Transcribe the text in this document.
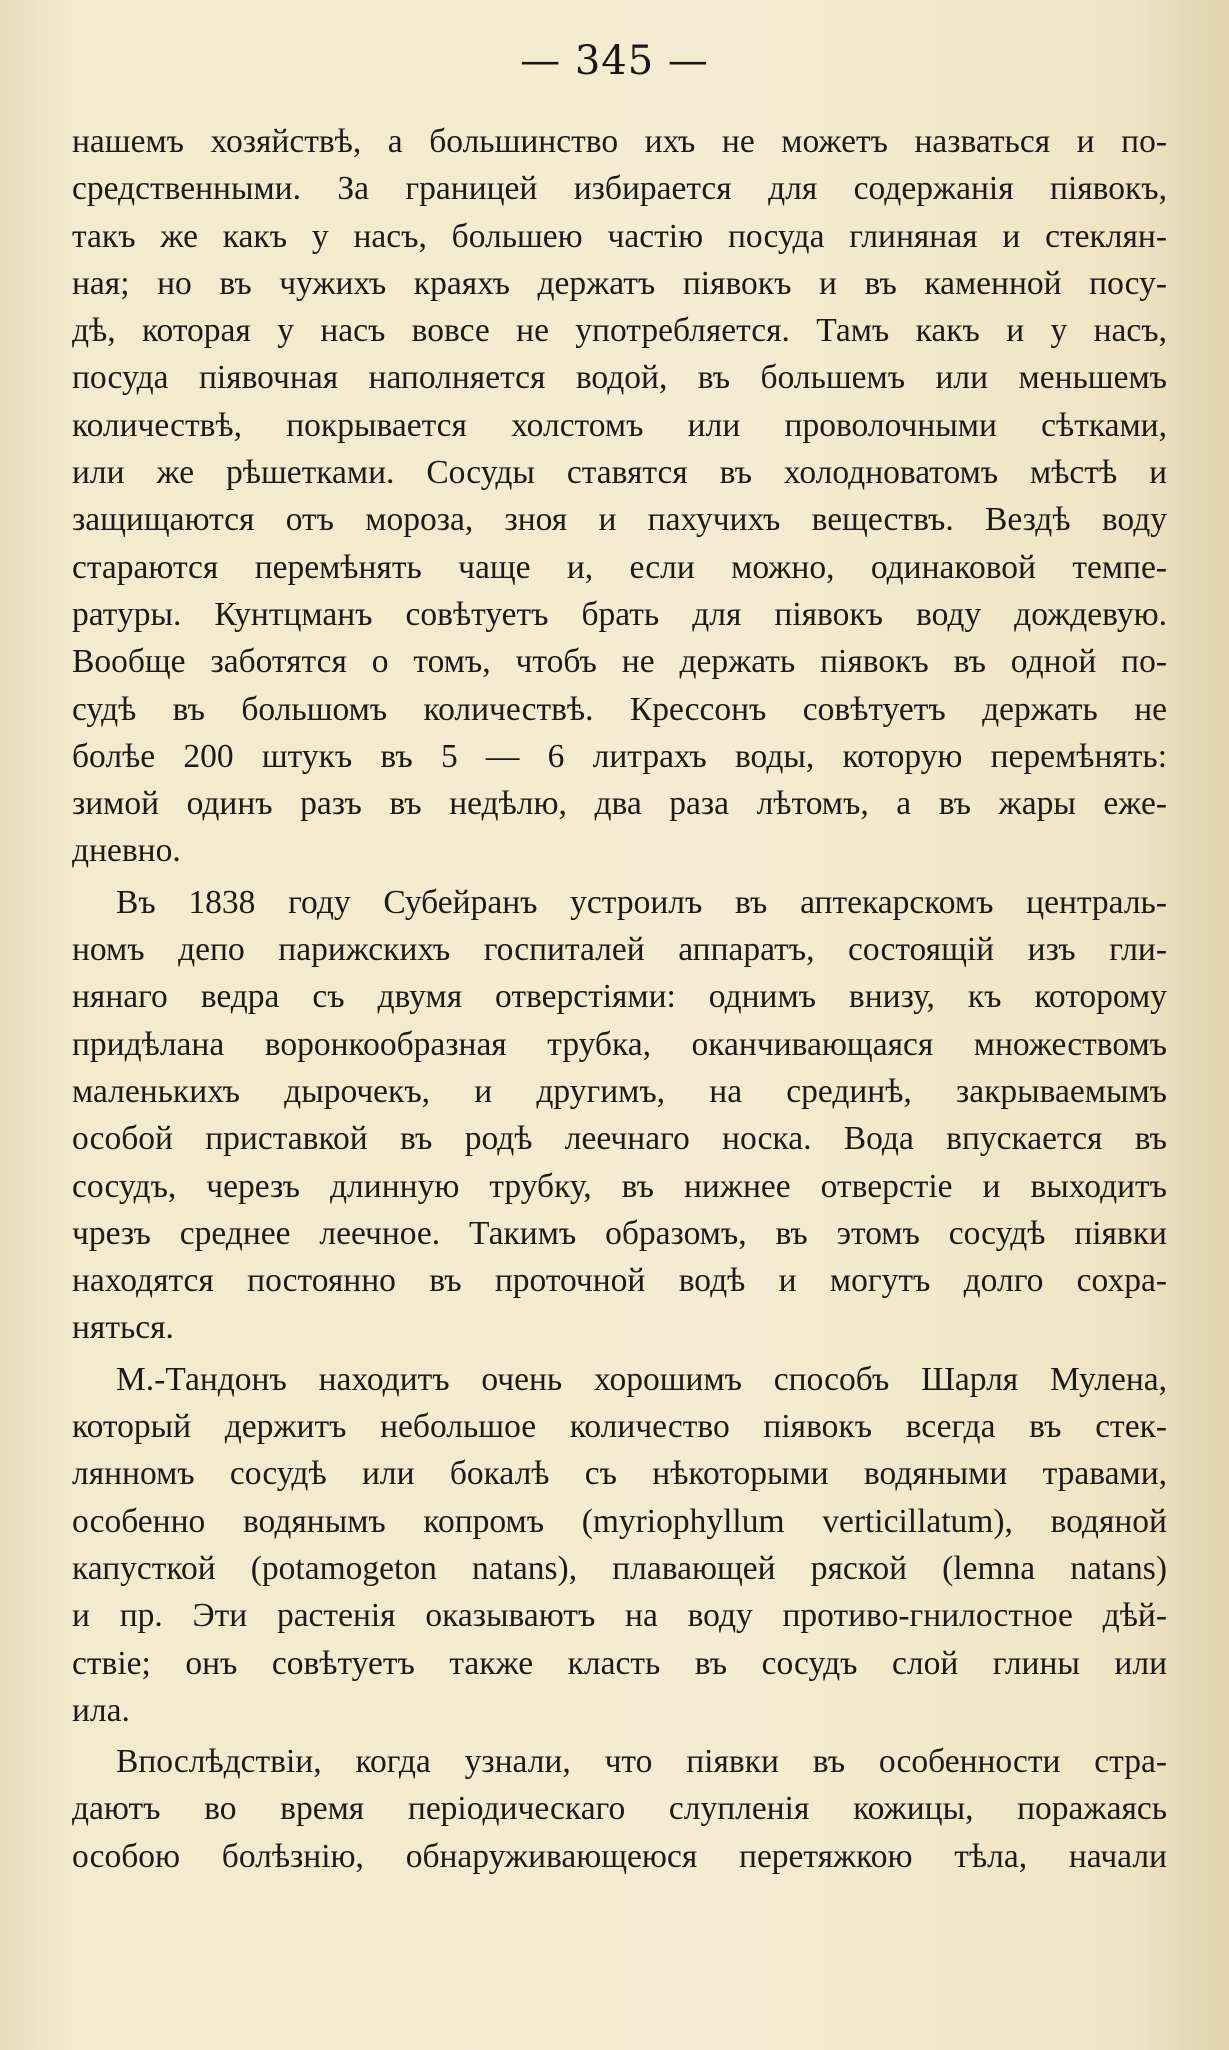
— 345 —
нашемъ хозяйствѣ, а большинство ихъ не можетъ назваться и по-
средственными. За границей избирается для содержанія піявокъ,
такъ же какъ у насъ, большею частію посуда глиняная и стеклян-
ная; но въ чужихъ краяхъ держатъ піявокъ и въ каменной посу-
дѣ, которая у насъ вовсе не употребляется. Тамъ какъ и у насъ,
посуда піявочная наполняется водой, въ большемъ или меньшемъ
количествѣ, покрывается холстомъ или проволочными сѣтками,
или же рѣшетками. Сосуды ставятся въ холодноватомъ мѣстѣ и
защищаются отъ мороза, зноя и пахучихъ веществъ. Вездѣ воду
стараются перемѣнять чаще и, если можно, одинаковой темпе-
ратуры. Кунтцманъ совѣтуетъ брать для піявокъ воду дождевую.
Вообще заботятся о томъ, чтобъ не держать піявокъ въ одной по-
судѣ въ большомъ количествѣ. Крессонъ совѣтуетъ держать не
болѣе 200 штукъ въ 5 — 6 литрахъ воды, которую перемѣнять:
зимой одинъ разъ въ недѣлю, два раза лѣтомъ, а въ жары еже-
дневно.
Въ 1838 году Субейранъ устроилъ въ аптекарскомъ централь-
номъ депо парижскихъ госпиталей аппаратъ, состоящій изъ гли-
нянаго ведра съ двумя отверстіями: однимъ внизу, къ которому
придѣлана воронкообразная трубка, оканчивающаяся множествомъ
маленькихъ дырочекъ, и другимъ, на срединѣ, закрываемымъ
особой приставкой въ родѣ леечнаго носка. Вода впускается въ
сосудъ, черезъ длинную трубку, въ нижнее отверстіе и выходитъ
чрезъ среднее леечное. Такимъ образомъ, въ этомъ сосудѣ піявки
находятся постоянно въ проточной водѣ и могутъ долго сохра-
няться.
М.-Тандонъ находитъ очень хорошимъ способъ Шарля Мулена,
который держитъ небольшое количество піявокъ всегда въ стек-
лянномъ сосудѣ или бокалѣ съ нѣкоторыми водяными травами,
особенно водянымъ копромъ (myriophyllum verticillatum), водяной
капусткой (potamogeton natans), плавающей ряской (lemna natans)
и пр. Эти растенія оказываютъ на воду противо-гнилостное дѣй-
ствіе; онъ совѣтуетъ также класть въ сосудъ слой глины или
ила.
Впослѣдствіи, когда узнали, что піявки въ особенности стра-
даютъ во время періодическаго слупленія кожицы, поражаясь
особою болѣзнію, обнаруживающеюся перетяжкою тѣла, начали
